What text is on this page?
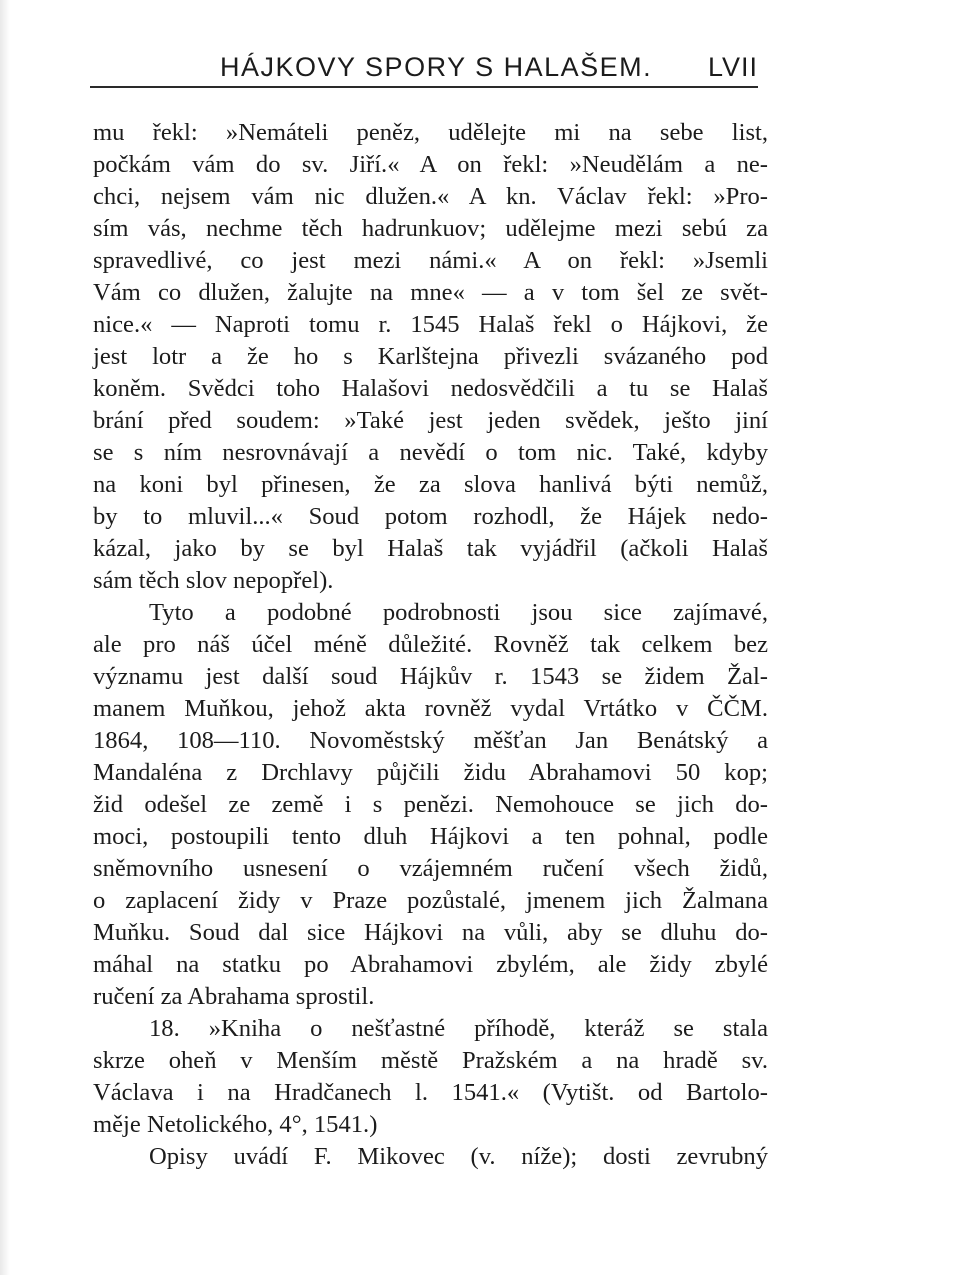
HÁJKOVY SPORY S HALAŠEM. LVII
mu řekl: »Nemáteli peněz, udělejte mi na sebe list,
počkám vám do sv. Jiří.« A on řekl: »Neudělám a ne-
chci, nejsem vám nic dlužen.« A kn. Václav řekl: »Pro-
sím vás, nechme těch hadrunkuov; udělejme mezi sebú za
spravedlivé, co jest mezi námi.« A on řekl: »Jsemli
Vám co dlužen, žalujte na mne« — a v tom šel ze svět-
nice.« — Naproti tomu r. 1545 Halaš řekl o Hájkovi, že
jest lotr a že ho s Karlštejna přivezli svázaného pod
koněm. Svědci toho Halašovi nedosvědčili a tu se Halaš
brání před soudem: »Také jest jeden svědek, ješto jiní
se s ním nesrovnávají a nevědí o tom nic. Také, kdyby
na koni byl přinesen, že za slova hanlivá býti nemůž,
by to mluvil...« Soud potom rozhodl, že Hájek nedo-
kázal, jako by se byl Halaš tak vyjádřil (ačkoli Halaš
sám těch slov nepopřel).
Tyto a podobné podrobnosti jsou sice zajímavé,
ale pro náš účel méně důležité. Rovněž tak celkem bez
významu jest další soud Hájkův r. 1543 se židem Žal-
manem Muňkou, jehož akta rovněž vydal Vrtátko v ČČM.
1864, 108—110. Novoměstský měšťan Jan Benátský a
Mandaléna z Drchlavy půjčili židu Abrahamovi 50 kop;
žid odešel ze země i s penězi. Nemohouce se jich do-
moci, postoupili tento dluh Hájkovi a ten pohnal, podle
sněmovního usnesení o vzájemném ručení všech židů,
o zaplacení židy v Praze pozůstalé, jmenem jich Žalmana
Muňku. Soud dal sice Hájkovi na vůli, aby se dluhu do-
máhal na statku po Abrahamovi zbylém, ale židy zbylé
ručení za Abrahama sprostil.
18. »Kniha o nešťastné příhodě, kteráž se stala
skrze oheň v Menším městě Pražském a na hradě sv.
Václava i na Hradčanech l. 1541.« (Vytišt. od Bartolo-
měje Netolického, 4°, 1541.)
Opisy uvádí F. Mikovec (v. níže); dosti zevrubný
